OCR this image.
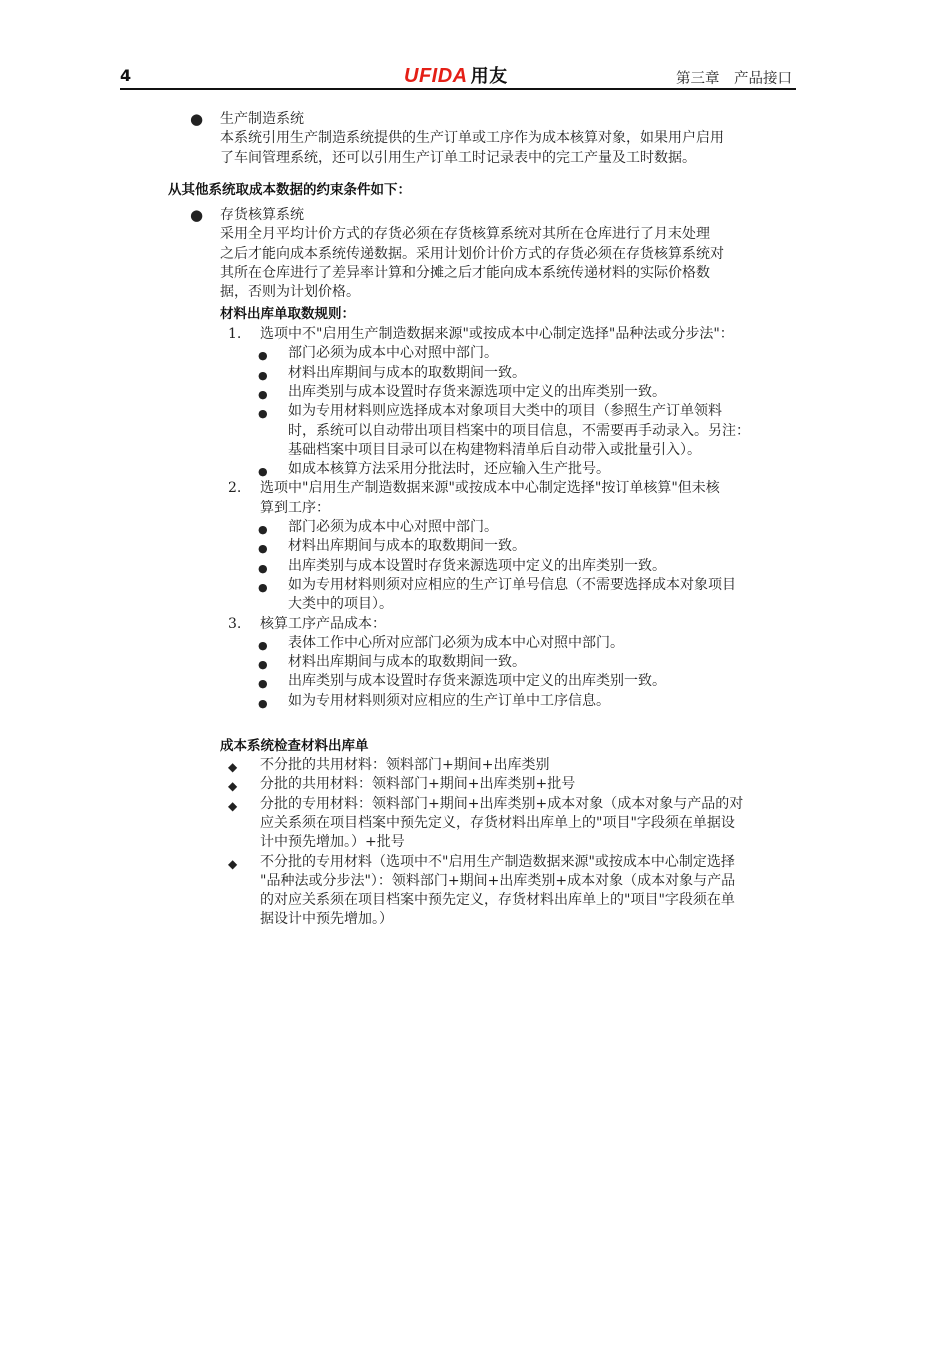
4	UFIDA 用友	第三章　产品接口
● 生产制造系统
本系统引用生产制造系统提供的生产订单或工序作为成本核算对象，如果用户启用
了车间管理系统，还可以引用生产订单工时记录表中的完工产量及工时数据。
从其他系统取成本数据的约束条件如下：
● 存货核算系统
采用全月平均计价方式的存货必须在存货核算系统对其所在仓库进行了月末处理
之后才能向成本系统传递数据。采用计划价计价方式的存货必须在存货核算系统对
其所在仓库进行了差异率计算和分摊之后才能向成本系统传递材料的实际价格数
据，否则为计划价格。
材料出库单取数规则：
1. 选项中不"启用生产制造数据来源"或按成本中心制定选择"品种法或分步法"：
● 部门必须为成本中心对照中部门。
● 材料出库期间与成本的取数期间一致。
● 出库类别与成本设置时存货来源选项中定义的出库类别一致。
● 如为专用材料则应选择成本对象项目大类中的项目（参照生产订单领料
时，系统可以自动带出项目档案中的项目信息，不需要再手动录入。另注：
基础档案中项目目录可以在构建物料清单后自动带入或批量引入）。
● 如成本核算方法采用分批法时，还应输入生产批号。
2. 选项中"启用生产制造数据来源"或按成本中心制定选择"按订单核算"但未核
算到工序：
● 部门必须为成本中心对照中部门。
● 材料出库期间与成本的取数期间一致。
● 出库类别与成本设置时存货来源选项中定义的出库类别一致。
● 如为专用材料则须对应相应的生产订单号信息（不需要选择成本对象项目
大类中的项目）。
3. 核算工序产品成本：
● 表体工作中心所对应部门必须为成本中心对照中部门。
● 材料出库期间与成本的取数期间一致。
● 出库类别与成本设置时存货来源选项中定义的出库类别一致。
● 如为专用材料则须对应相应的生产订单中工序信息。
成本系统检查材料出库单
◆ 不分批的共用材料：领料部门+期间+出库类别
◆ 分批的共用材料：领料部门+期间+出库类别+批号
◆ 分批的专用材料：领料部门+期间+出库类别+成本对象（成本对象与产品的对
应关系须在项目档案中预先定义，存货材料出库单上的"项目"字段须在单据设
计中预先增加。）+批号
◆ 不分批的专用材料（选项中不"启用生产制造数据来源"或按成本中心制定选择
"品种法或分步法"）：领料部门+期间+出库类别+成本对象（成本对象与产品
的对应关系须在项目档案中预先定义，存货材料出库单上的"项目"字段须在单
据设计中预先增加。）
